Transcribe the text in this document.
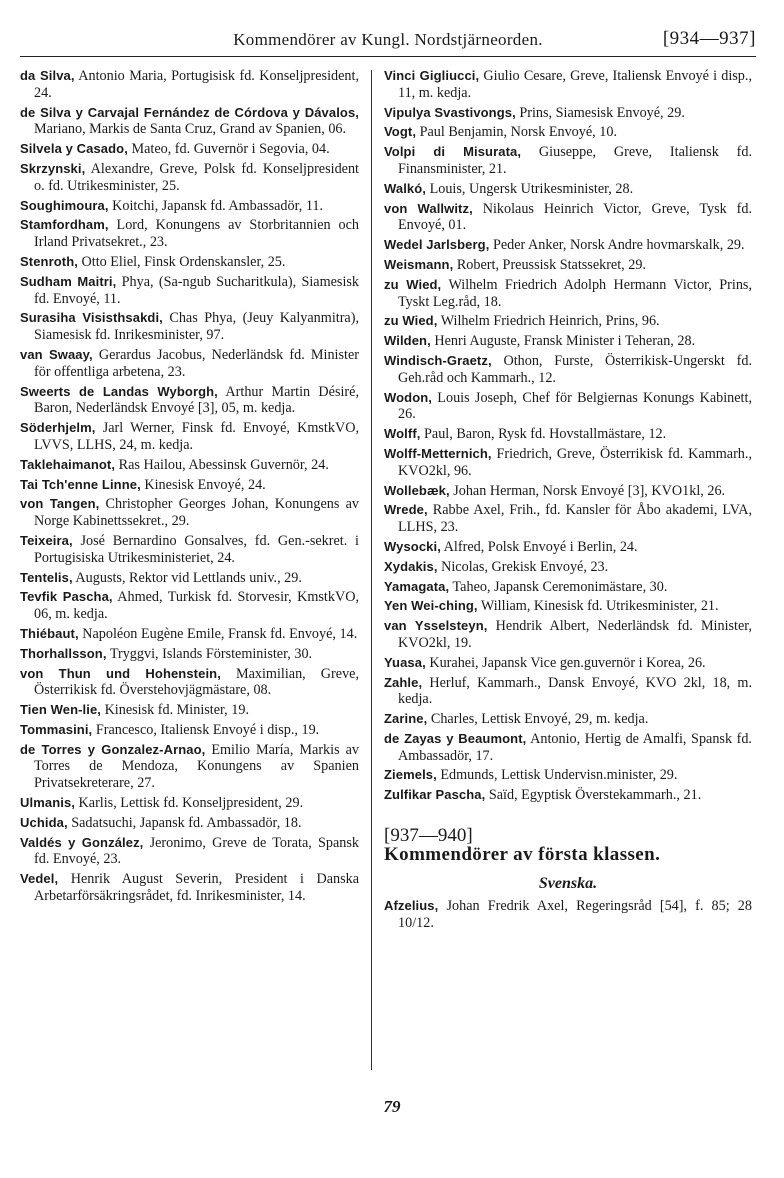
Kommendörer av Kungl. Nordstjärneorden.	[934—937]

da Silva, Antonio Maria, Portugisisk fd. Konseljpresident, 24.

de Silva y Carvajal Fernández de Córdova y Dávalos, Mariano, Markis de Santa Cruz, Grand av Spanien, 06.

Silvela y Casado, Mateo, fd. Guvernör i Segovia, 04.

Skrzynski, Alexandre, Greve, Polsk fd. Konseljpresident o. fd. Utrikesminister, 25.

Soughimoura, Koitchi, Japansk fd. Ambassadör, 11.

Stamfordham, Lord, Konungens av Storbritannien och Irland Privatsekret., 23.

Stenroth, Otto Eliel, Finsk Ordenskansler, 25.

Sudham Maitri, Phya, (Sa-ngub Sucharitkula), Siamesisk fd. Envoyé, 11.

Surasiha Visisthsakdi, Chas Phya, (Jeuy Kalyanmitra), Siamesisk fd. Inrikesminister, 97.

van Swaay, Gerardus Jacobus, Nederländsk fd. Minister för offentliga arbetena, 23.

Sweerts de Landas Wyborgh, Arthur Martin Désiré, Baron, Nederländsk Envoyé [3], 05, m. kedja.

Söderhjelm, Jarl Werner, Finsk fd. Envoyé, KmstkVO, LVVS, LLHS, 24, m. kedja.

Taklehaimanot, Ras Hailou, Abessinsk Guvernör, 24.

Tai Tch'enne Linne, Kinesisk Envoyé, 24.

von Tangen, Christopher Georges Johan, Konungens av Norge Kabinettssekret., 29.

Teixeira, José Bernardino Gonsalves, fd. Gen.-sekret. i Portugisiska Utrikesministeriet, 24.

Tentelis, Augusts, Rektor vid Lettlands univ., 29.

Tevfik Pascha, Ahmed, Turkisk fd. Storvesir, KmstkVO, 06, m. kedja.

Thiébaut, Napoléon Eugène Emile, Fransk fd. Envoyé, 14.

Thorhallsson, Tryggvi, Islands Försteminister, 30.

von Thun und Hohenstein, Maximilian, Greve, Österrikisk fd. Överstehovjägmästare, 08.

Tien Wen-lie, Kinesisk fd. Minister, 19.

Tommasini, Francesco, Italiensk Envoyé i disp., 19.

de Torres y Gonzalez-Arnao, Emilio María, Markis av Torres de Mendoza, Konungens av Spanien Privatsekreterare, 27.

Ulmanis, Karlis, Lettisk fd. Konseljpresident, 29.

Uchida, Sadatsuchi, Japansk fd. Ambassadör, 18.

Valdés y González, Jeronimo, Greve de Torata, Spansk fd. Envoyé, 23.

Vedel, Henrik August Severin, President i Danska Arbetarförsäkringsrådet, fd. Inrikesminister, 14.

Vinci Gigliucci, Giulio Cesare, Greve, Italiensk Envoyé i disp., 11, m. kedja.

Vipulya Svastivongs, Prins, Siamesisk Envoyé, 29.

Vogt, Paul Benjamin, Norsk Envoyé, 10.

Volpi di Misurata, Giuseppe, Greve, Italiensk fd. Finansminister, 21.

Walkó, Louis, Ungersk Utrikesminister, 28.

von Wallwitz, Nikolaus Heinrich Victor, Greve, Tysk fd. Envoyé, 01.

Wedel Jarlsberg, Peder Anker, Norsk Andre hovmarskalk, 29.

Weismann, Robert, Preussisk Statssekret, 29.

zu Wied, Wilhelm Friedrich Adolph Hermann Victor, Prins, Tyskt Leg.råd, 18.

zu Wied, Wilhelm Friedrich Heinrich, Prins, 96.

Wilden, Henri Auguste, Fransk Minister i Teheran, 28.

Windisch-Graetz, Othon, Furste, Österrikisk-Ungerskt fd. Geh.råd och Kammarh., 12.

Wodon, Louis Joseph, Chef för Belgiernas Konungs Kabinett, 26.

Wolff, Paul, Baron, Rysk fd. Hovstallmästare, 12.

Wolff-Metternich, Friedrich, Greve, Österrikisk fd. Kammarh., KVO2kl, 96.

Wollebæk, Johan Herman, Norsk Envoyé [3], KVO1kl, 26.

Wrede, Rabbe Axel, Frih., fd. Kansler för Åbo akademi, LVA, LLHS, 23.

Wysocki, Alfred, Polsk Envoyé i Berlin, 24.

Xydakis, Nicolas, Grekisk Envoyé, 23.

Yamagata, Taheo, Japansk Ceremonimästare, 30.

Yen Wei-ching, William, Kinesisk fd. Utrikesminister, 21.

van Ysselsteyn, Hendrik Albert, Nederländsk fd. Minister, KVO2kl, 19.

Yuasa, Kurahei, Japansk Vice gen.guvernör i Korea, 26.

Zahle, Herluf, Kammarh., Dansk Envoyé, KVO 2kl, 18, m. kedja.

Zarine, Charles, Lettisk Envoyé, 29, m. kedja.

de Zayas y Beaumont, Antonio, Hertig de Amalfi, Spansk fd. Ambassadör, 17.

Ziemels, Edmunds, Lettisk Undervisn.minister, 29.

Zulfikar Pascha, Saïd, Egyptisk Överstekammarh., 21.

[937—940]
Kommendörer av första klassen.
Svenska.

Afzelius, Johan Fredrik Axel, Regeringsråd [54], f. 85; 28 10/12.

79
